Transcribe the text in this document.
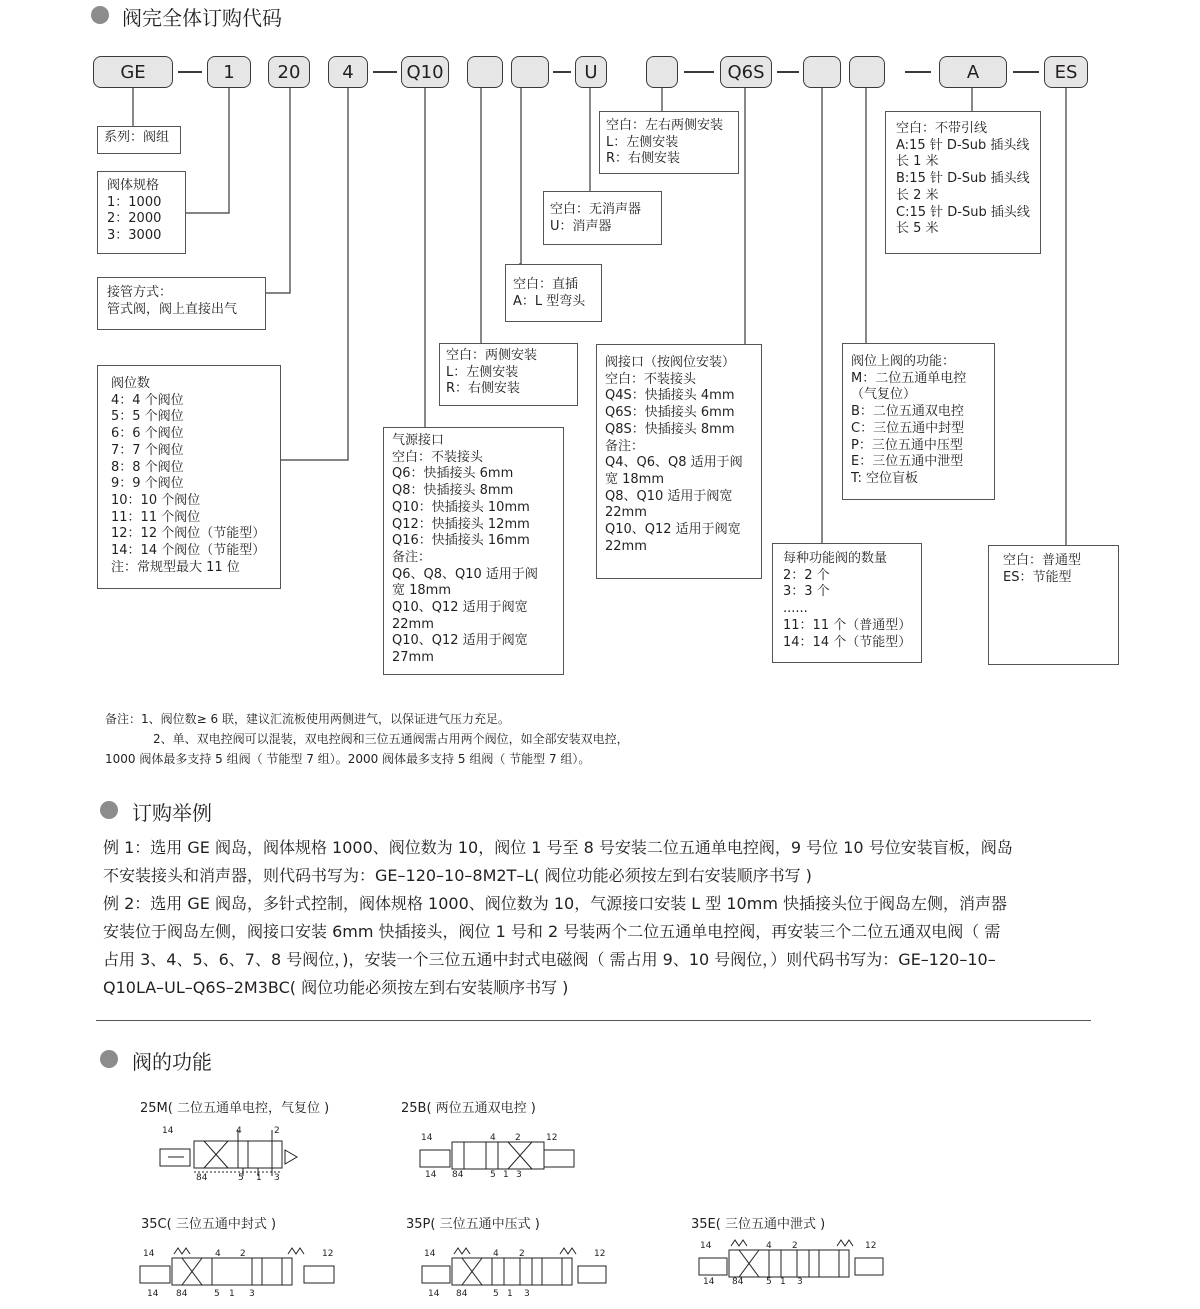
阀完全体订购代码
GE	1	20	4	Q10	U	Q6S	A	ES
系列：阀组
阀体规格
1：1000
2：2000
3：3000
接管方式：
管式阀，阀上直接出气
阀位数
4：4 个阀位
5：5 个阀位
6：6 个阀位
7：7 个阀位
8：8 个阀位
9：9 个阀位
10：10 个阀位
11：11 个阀位
12：12 个阀位（节能型）
14：14 个阀位（节能型）
注：常规型最大 11 位
空白：两侧安装
L：左侧安装
R：右侧安装
气源接口
空白：不装接头
Q6：快插接头 6mm
Q8：快插接头 8mm
Q10：快插接头 10mm
Q12：快插接头 12mm
Q16：快插接头 16mm
备注：
Q6、Q8、Q10 适用于阀
宽 18mm
Q10、Q12 适用于阀宽
22mm
Q10、Q12 适用于阀宽
27mm
空白：直插
A：L 型弯头
空白：无消声器
U：消声器
空白：左右两侧安装
L：左侧安装
R：右侧安装
阀接口（按阀位安装）
空白：不装接头
Q4S：快插接头 4mm
Q6S：快插接头 6mm
Q8S：快插接头 8mm
备注：
Q4、Q6、Q8 适用于阀
宽 18mm
Q8、Q10 适用于阀宽
22mm
Q10、Q12 适用于阀宽
22mm
每种功能阀的数量
2：2 个
3：3 个
......
11：11 个（普通型）
14：14 个（节能型）
阀位上阀的功能：
M：二位五通单电控
（气复位）
B：二位五通双电控
C：三位五通中封型
P：三位五通中压型
E：三位五通中泄型
T: 空位盲板
空白：不带引线
A:15 针 D-Sub 插头线
长 1 米
B:15 针 D-Sub 插头线
长 2 米
C:15 针 D-Sub 插头线
长 5 米
空白：普通型
ES：节能型
备注：1、阀位数≥ 6 联，建议汇流板使用两侧进气，以保证进气压力充足。
2、单、双电控阀可以混装，双电控阀和三位五通阀需占用两个阀位，如全部安装双电控，
1000 阀体最多支持 5 组阀（ 节能型 7 组）。2000 阀体最多支持 5 组阀（ 节能型 7 组）。
订购举例
例 1：选用 GE 阀岛，阀体规格 1000、阀位数为 10，阀位 1 号至 8 号安装二位五通单电控阀，9 号位 10 号位安装盲板，阀岛
不安装接头和消声器，则代码书写为：GE–120–10–8M2T–L( 阀位功能必须按左到右安装顺序书写 )
例 2：选用 GE 阀岛，多针式控制，阀体规格 1000、阀位数为 10，气源接口安装 L 型 10mm 快插接头位于阀岛左侧，消声器
安装位于阀岛左侧，阀接口安装 6mm 快插接头，阀位 1 号和 2 号装两个二位五通单电控阀，再安装三个二位五通双电阀（ 需
占用 3、4、5、6、7、8 号阀位，)，安装一个三位五通中封式电磁阀（ 需占用 9、10 号阀位，）则代码书写为：GE–120–10–
Q10LA–UL–Q6S–2M3BC( 阀位功能必须按左到右安装顺序书写 )
阀的功能
25M( 二位五通单电控，气复位 )
14	4	2
84	5 1 3
25B( 两位五通双电控 )
14	4 2	12
14 84	5 1 3
35C( 三位五通中封式 )
14	4 2	12
14 84	5 1 3
35P( 三位五通中压式 )
14	4 2	12
14 84	5 1 3
35E( 三位五通中泄式 )
14	4 2	12
14 84	5 1 3
